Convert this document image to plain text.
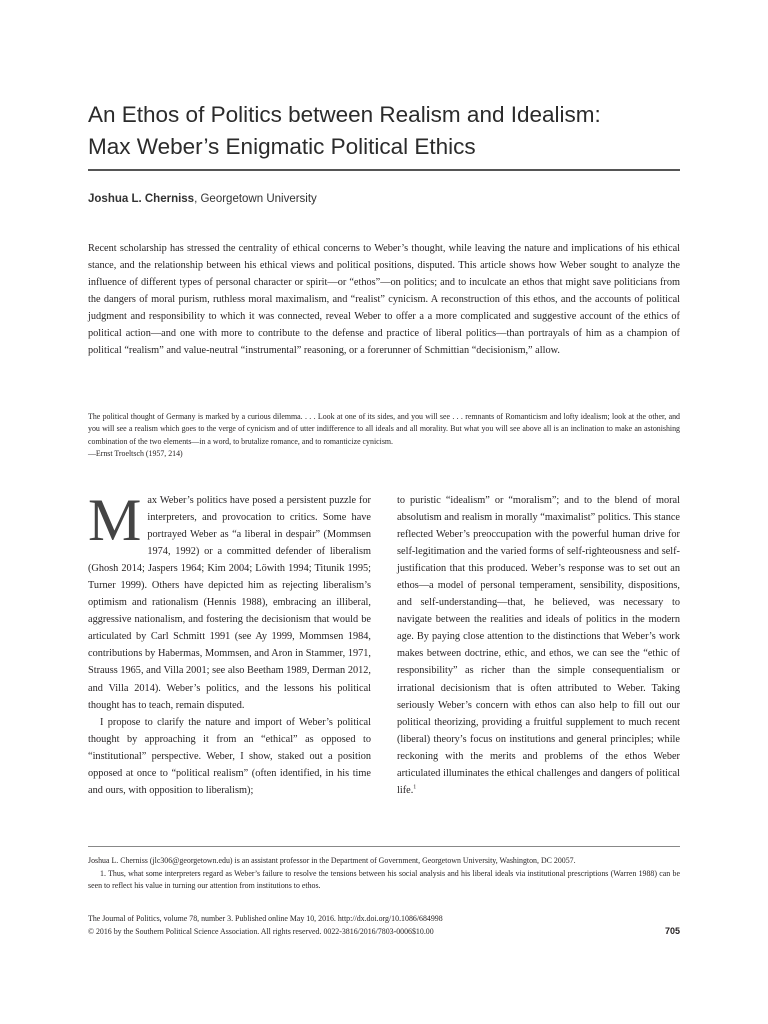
An Ethos of Politics between Realism and Idealism:
Max Weber’s Enigmatic Political Ethics
Joshua L. Cherniss, Georgetown University

Recent scholarship has stressed the centrality of ethical concerns to Weber’s thought, while leaving the nature and implications of his ethical stance, and the relationship between his ethical views and political positions, disputed. This article shows how Weber sought to analyze the influence of different types of personal character or spirit—or “ethos”—on politics; and to inculcate an ethos that might save politicians from the dangers of moral purism, ruthless moral maximalism, and “realist” cynicism. A reconstruction of this ethos, and the accounts of political judgment and responsibility to which it was connected, reveal Weber to offer a a more complicated and suggestive account of the ethics of political action—and one with more to contribute to the defense and practice of liberal politics—than portrayals of him as a champion of political “realism” and value-neutral “instrumental” reasoning, or a forerunner of Schmittian “decisionism,” allow.

The political thought of Germany is marked by a curious dilemma. . . . Look at one of its sides, and you will see . . . remnants of Romanticism and lofty idealism; look at the other, and you will see a realism which goes to the verge of cynicism and of utter indifference to all ideals and all morality. But what you will see above all is an inclination to make an astonishing combination of the two elements—in a word, to brutalize romance, and to romanticize cynicism.
—Ernst Troeltsch (1957, 214)

Max Weber’s politics have posed a persistent puzzle for interpreters, and provocation to critics. Some have portrayed Weber as “a liberal in despair” (Mommsen 1974, 1992) or a committed defender of liberalism (Ghosh 2014; Jaspers 1964; Kim 2004; Löwith 1994; Titunik 1995; Turner 1999). Others have depicted him as rejecting liberalism’s optimism and rationalism (Hennis 1988), embracing an illiberal, aggressive nationalism, and fostering the decisionism that would be articulated by Carl Schmitt 1991 (see Ay 1999, Mommsen 1984, contributions by Habermas, Mommsen, and Aron in Stammer, 1971, Strauss 1965, and Villa 2001; see also Beetham 1989, Derman 2012, and Villa 2014). Weber’s politics, and the lessons his political thought has to teach, remain disputed.

I propose to clarify the nature and import of Weber’s political thought by approaching it from an “ethical” as opposed to “institutional” perspective. Weber, I show, staked out a position opposed at once to “political realism” (often identified, in his time and ours, with opposition to liberalism);

to puristic “idealism” or “moralism”; and to the blend of moral absolutism and realism in morally “maximalist” politics. This stance reflected Weber’s preoccupation with the powerful human drive for self-legitimation and the varied forms of self-righteousness and self-justification that this produced. Weber’s response was to set out an ethos—a model of personal temperament, sensibility, dispositions, and self-understanding—that, he believed, was necessary to navigate between the realities and ideals of politics in the modern age. By paying close attention to the distinctions that Weber’s work makes between doctrine, ethic, and ethos, we can see the “ethic of responsibility” as richer than the simple consequentialism or irrational decisionism that is often attributed to Weber. Taking seriously Weber’s concern with ethos can also help to fill out our political theorizing, providing a fruitful supplement to much recent (liberal) theory’s focus on institutions and general principles; while reckoning with the merits and problems of the ethos Weber articulated illuminates the ethical challenges and dangers of political life.$^1$

Joshua L. Cherniss (jlc306@georgetown.edu) is an assistant professor in the Department of Government, Georgetown University, Washington, DC 20057.

1. Thus, what some interpreters regard as Weber’s failure to resolve the tensions between his social analysis and his liberal ideals via institutional prescriptions (Warren 1988) can be seen to reflect his value in turning our attention from institutions to ethos.

The Journal of Politics, volume 78, number 3. Published online May 10, 2016. http://dx.doi.org/10.1086/684998
© 2016 by the Southern Political Science Association. All rights reserved. 0022-3816/2016/7803-0006$10.00	705
